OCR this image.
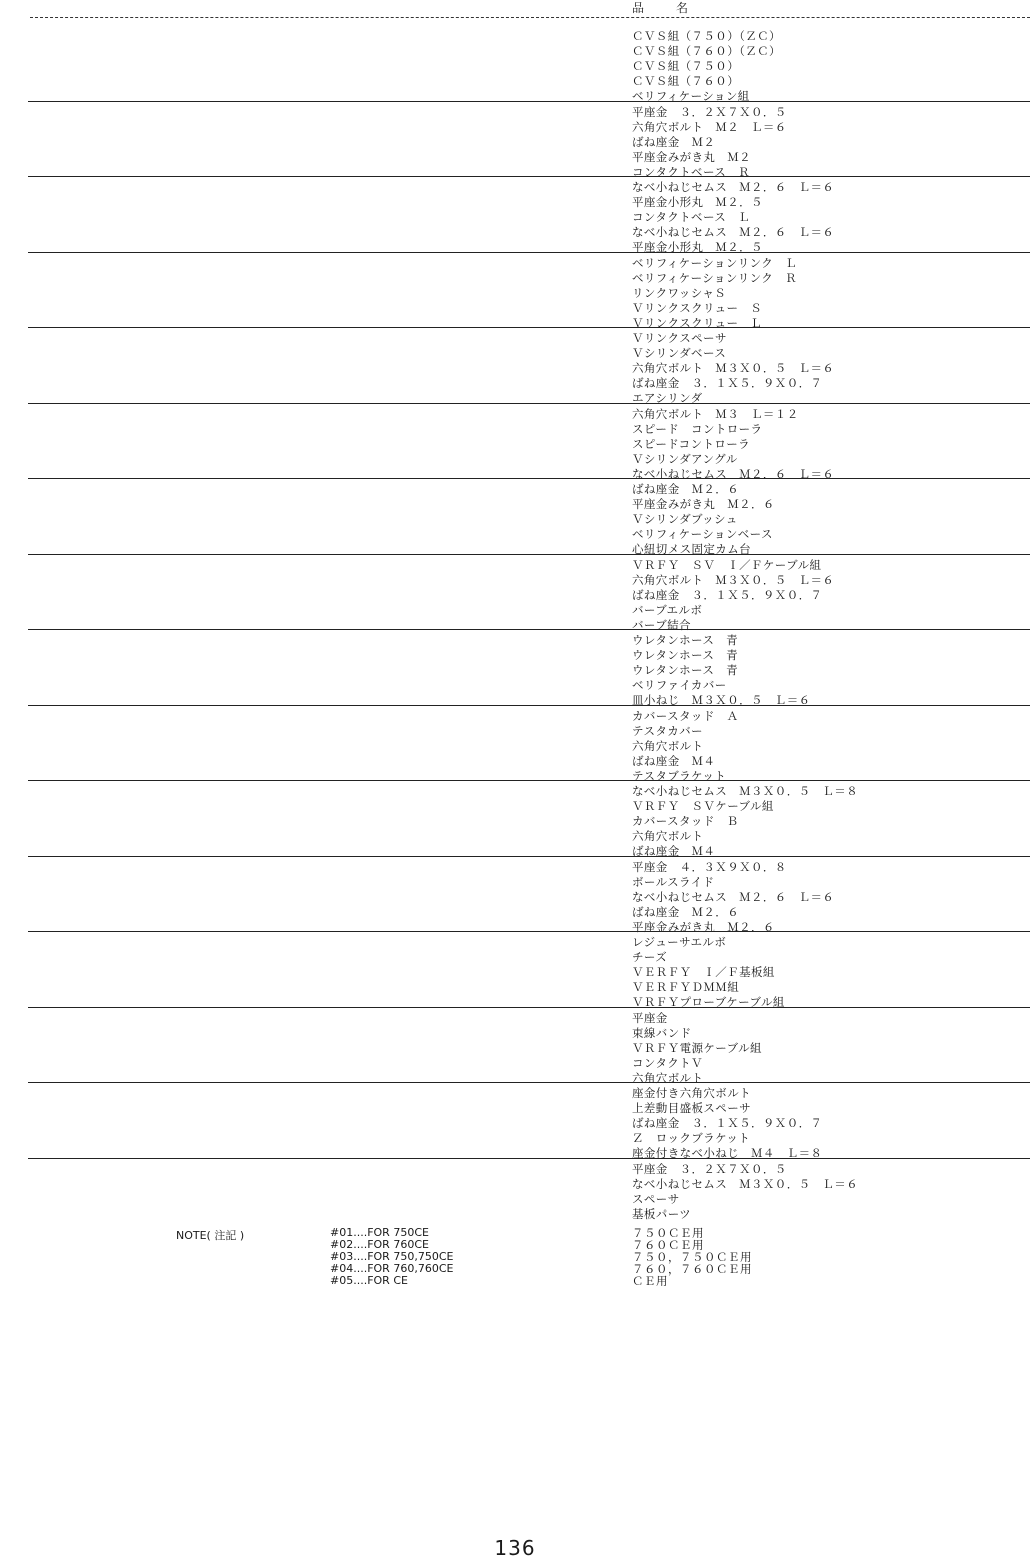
品　名
ＣＶＳ組（７５０）（ＺＣ）
ＣＶＳ組（７６０）（ＺＣ）
ＣＶＳ組（７５０）
ＣＶＳ組（７６０）
ベリフィケーション組
平座金　３．２Ｘ７Ｘ０．５
六角穴ボルト　Ｍ２　Ｌ＝６
ばね座金　Ｍ２
平座金みがき丸　Ｍ２
コンタクトベース　Ｒ
なべ小ねじセムス　Ｍ２．６　Ｌ＝６
平座金小形丸　Ｍ２．５
コンタクトベース　Ｌ
なべ小ねじセムス　Ｍ２．６　Ｌ＝６
平座金小形丸　Ｍ２．５
ベリフィケーションリンク　Ｌ
ベリフィケーションリンク　Ｒ
リンクワッシャＳ
Ｖリンクスクリュー　Ｓ
Ｖリンクスクリュー　Ｌ
Ｖリンクスペーサ
Ｖシリンダベース
六角穴ボルト　Ｍ３Ｘ０．５　Ｌ＝６
ばね座金　３．１Ｘ５．９Ｘ０．７
エアシリンダ
六角穴ボルト　Ｍ３　Ｌ＝１２
スピード　コントローラ
スピードコントローラ
Ｖシリンダアングル
なべ小ねじセムス　Ｍ２．６　Ｌ＝６
ばね座金　Ｍ２．６
平座金みがき丸　Ｍ２．６
Ｖシリンダブッシュ
ベリフィケーションベース
心紐切メス固定カム台
ＶＲＦＹ　ＳＶ　Ｉ／Ｆケーブル組
六角穴ボルト　Ｍ３Ｘ０．５　Ｌ＝６
ばね座金　３．１Ｘ５．９Ｘ０．７
バーブエルボ
バーブ結合
ウレタンホース　青
ウレタンホース　青
ウレタンホース　青
ベリファイカバー
皿小ねじ　Ｍ３Ｘ０．５　Ｌ＝６
カバースタッド　Ａ
テスタカバー
六角穴ボルト
ばね座金　Ｍ４
テスタブラケット
なべ小ねじセムス　Ｍ３Ｘ０．５　Ｌ＝８
ＶＲＦＹ　ＳＶケーブル組
カバースタッド　Ｂ
六角穴ボルト
ばね座金　Ｍ４
平座金　４．３Ｘ９Ｘ０．８
ボールスライド
なべ小ねじセムス　Ｍ２．６　Ｌ＝６
ばね座金　Ｍ２．６
平座金みがき丸　Ｍ２．６
レジューサエルボ
チーズ
ＶＥＲＦＹ　Ｉ／Ｆ基板組
ＶＥＲＦＹＤＭＭ組
ＶＲＦＹプローブケーブル組
平座金
束線バンド
ＶＲＦＹ電源ケーブル組
コンタクトＶ
六角穴ボルト
座金付き六角穴ボルト
上差動目盛板スペーサ
ばね座金　３．１Ｘ５．９Ｘ０．７
Ｚ　ロックブラケット
座金付きなべ小ねじ　Ｍ４　Ｌ＝８
平座金　３．２Ｘ７Ｘ０．５
なべ小ねじセムス　Ｍ３Ｘ０．５　Ｌ＝６
スペーサ
基板パーツ
NOTE( 注記 )	#01....FOR 750CE
#02....FOR 760CE
#03....FOR 750,750CE
#04....FOR 760,760CE
#05....FOR CE
７５０ＣＥ用
７６０ＣＥ用
７５０，７５０ＣＥ用
７６０，７６０ＣＥ用
ＣＥ用
136
